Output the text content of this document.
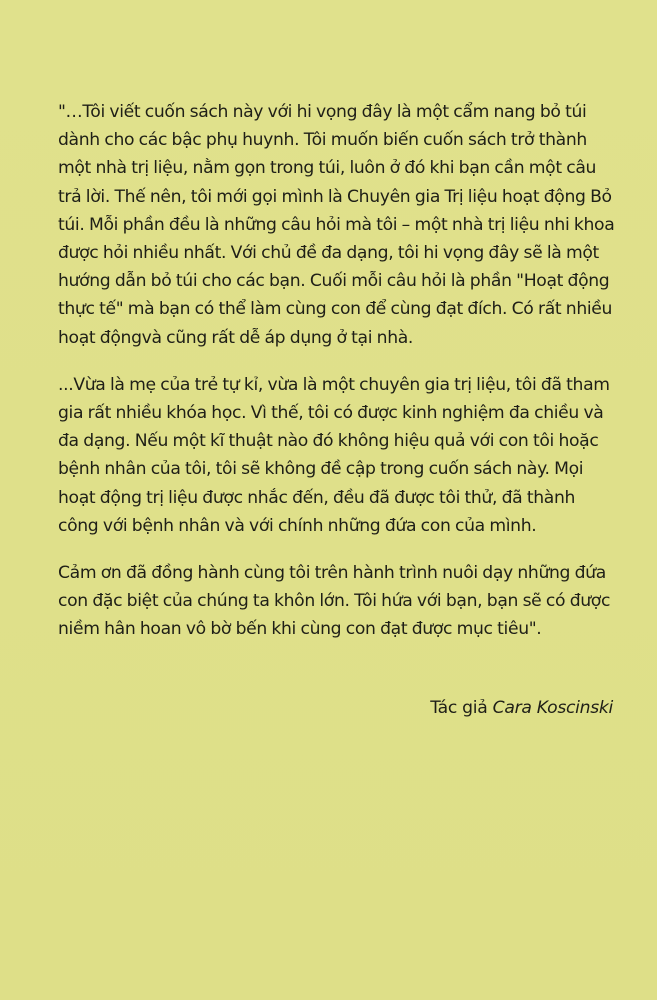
"…Tôi viết cuốn sách này với hi vọng đây là một cẩm nang bỏ túi dành cho các bậc phụ huynh. Tôi muốn biến cuốn sách trở thành một nhà trị liệu, nằm gọn trong túi, luôn ở đó khi bạn cần một câu trả lời. Thế nên, tôi mới gọi mình là Chuyên gia Trị liệu hoạt động Bỏ túi. Mỗi phần đều là những câu hỏi mà tôi – một nhà trị liệu nhi khoa được hỏi nhiều nhất. Với chủ đề đa dạng, tôi hi vọng đây sẽ là một hướng dẫn bỏ túi cho các bạn. Cuối mỗi câu hỏi là phần "Hoạt động thực tế" mà bạn có thể làm cùng con để cùng đạt đích. Có rất nhiều hoạt độngvà cũng rất dễ áp dụng ở tại nhà.

...Vừa là mẹ của trẻ tự kỉ, vừa là một chuyên gia trị liệu, tôi đã tham gia rất nhiều khóa học. Vì thế, tôi có được kinh nghiệm đa chiều và đa dạng. Nếu một kĩ thuật nào đó không hiệu quả với con tôi hoặc bệnh nhân của tôi, tôi sẽ không đề cập trong cuốn sách này. Mọi hoạt động trị liệu được nhắc đến, đều đã được tôi thử, đã thành công với bệnh nhân và với chính những đứa con của mình.

Cảm ơn đã đồng hành cùng tôi trên hành trình nuôi dạy những đứa con đặc biệt của chúng ta khôn lớn. Tôi hứa với bạn, bạn sẽ có được niềm hân hoan vô bờ bến khi cùng con đạt được mục tiêu".

Tác giả Cara Koscinski
